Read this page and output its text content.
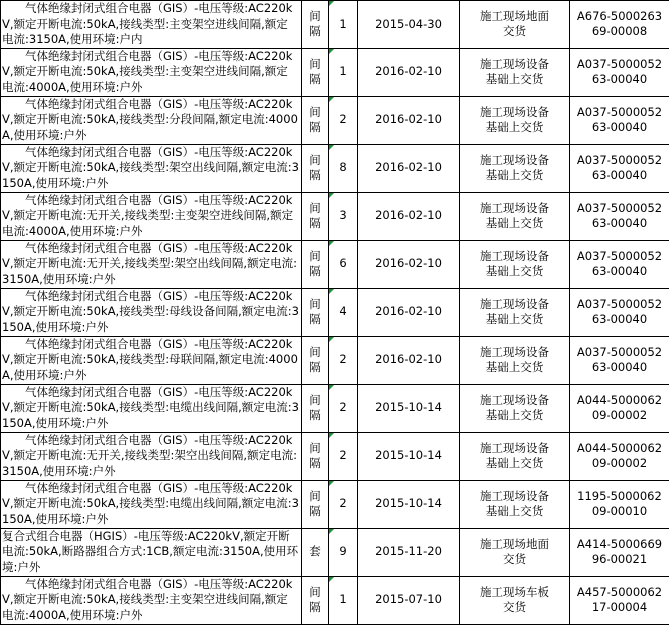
气体绝缘封闭式组合电器（GIS）-电压等级:AC220kV,额定开断电流:50kA,接线类型:主变架空进线间隔,额定电流:3150A,使用环境:户内	间隔	1	2015-04-30	施工现场地面交货	A676-500026369-00008

气体绝缘封闭式组合电器（GIS）-电压等级:AC220kV,额定开断电流:50kA,接线类型:主变架空进线间隔,额定电流:4000A,使用环境:户外	间隔	1	2016-02-10	施工现场设备基础上交货	A037-500005263-00040

气体绝缘封闭式组合电器（GIS）-电压等级:AC220kV,额定开断电流:50kA,接线类型:分段间隔,额定电流:4000A,使用环境:户外	间隔	2	2016-02-10	施工现场设备基础上交货	A037-500005263-00040

气体绝缘封闭式组合电器（GIS）-电压等级:AC220kV,额定开断电流:50kA,接线类型:架空出线间隔,额定电流:3150A,使用环境:户外	间隔	8	2016-02-10	施工现场设备基础上交货	A037-500005263-00040

气体绝缘封闭式组合电器（GIS）-电压等级:AC220kV,额定开断电流:无开关,接线类型:主变架空进线间隔,额定电流:4000A,使用环境:户外	间隔	3	2016-02-10	施工现场设备基础上交货	A037-500005263-00040

气体绝缘封闭式组合电器（GIS）-电压等级:AC220kV,额定开断电流:无开关,接线类型:架空出线间隔,额定电流:3150A,使用环境:户外	间隔	6	2016-02-10	施工现场设备基础上交货	A037-500005263-00040

气体绝缘封闭式组合电器（GIS）-电压等级:AC220kV,额定开断电流:50kA,接线类型:母线设备间隔,额定电流:3150A,使用环境:户外	间隔	4	2016-02-10	施工现场设备基础上交货	A037-500005263-00040

气体绝缘封闭式组合电器（GIS）-电压等级:AC220kV,额定开断电流:50kA,接线类型:母联间隔,额定电流:4000A,使用环境:户外	间隔	2	2016-02-10	施工现场设备基础上交货	A037-500005263-00040

气体绝缘封闭式组合电器（GIS）-电压等级:AC220kV,额定开断电流:50kA,接线类型:电缆出线间隔,额定电流:3150A,使用环境:户外	间隔	2	2015-10-14	施工现场设备基础上交货	A044-500006209-00002

气体绝缘封闭式组合电器（GIS）-电压等级:AC220kV,额定开断电流:无开关,接线类型:架空出线间隔,额定电流:3150A,使用环境:户外	间隔	2	2015-10-14	施工现场设备基础上交货	A044-500006209-00002

气体绝缘封闭式组合电器（GIS）-电压等级:AC220kV,额定开断电流:50kA,接线类型:电缆出线间隔,额定电流:3150A,使用环境:户外	间隔	2	2015-10-14	施工现场设备基础上交货	1195-500006209-00010

复合式组合电器（HGIS）-电压等级:AC220kV,额定开断电流:50kA,断路器组合方式:1CB,额定电流:3150A,使用环境:户外	套	9	2015-11-20	施工现场地面交货	A414-500066996-00021

气体绝缘封闭式组合电器（GIS）-电压等级:AC220kV,额定开断电流:50kA,接线类型:主变架空进线间隔,额定电流:4000A,使用环境:户外	间隔	1	2015-07-10	施工现场车板交货	A457-500006217-00004
